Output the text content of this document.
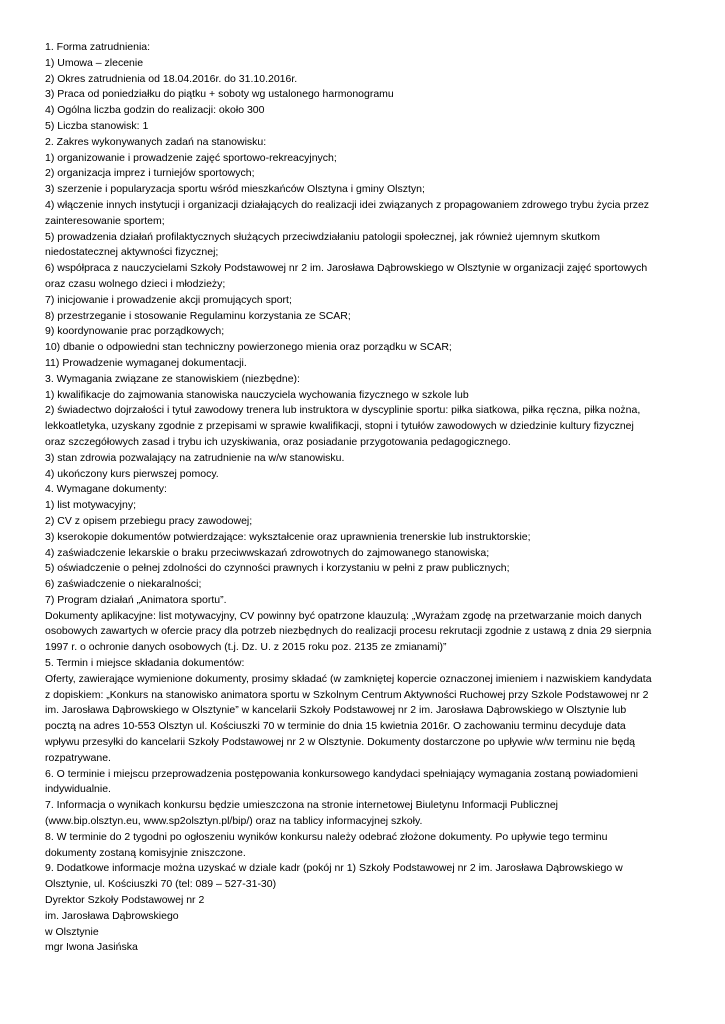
1. Forma zatrudnienia:
1) Umowa – zlecenie
2) Okres zatrudnienia od 18.04.2016r. do 31.10.2016r.
3) Praca od poniedziałku do piątku + soboty wg ustalonego harmonogramu
4) Ogólna liczba godzin do realizacji: około 300
5) Liczba stanowisk: 1
2. Zakres wykonywanych zadań na stanowisku:
1) organizowanie i prowadzenie zajęć sportowo-rekreacyjnych;
2) organizacja imprez i turniejów sportowych;
3) szerzenie i popularyzacja sportu wśród mieszkańców Olsztyna i gminy Olsztyn;
4) włączenie innych instytucji i organizacji działających do realizacji idei związanych z propagowaniem zdrowego trybu życia przez
zainteresowanie sportem;
5) prowadzenia działań profilaktycznych służących przeciwdziałaniu patologii społecznej, jak również ujemnym skutkom
niedostatecznej aktywności fizycznej;
6) współpraca z nauczycielami Szkoły Podstawowej nr 2 im. Jarosława Dąbrowskiego w Olsztynie w organizacji zajęć sportowych
oraz czasu wolnego dzieci i młodzieży;
7) inicjowanie i prowadzenie akcji promujących sport;
8) przestrzeganie i stosowanie Regulaminu korzystania ze SCAR;
9) koordynowanie prac porządkowych;
10) dbanie o odpowiedni stan techniczny powierzonego mienia oraz porządku w SCAR;
11) Prowadzenie wymaganej dokumentacji.
3. Wymagania związane ze stanowiskiem (niezbędne):
1) kwalifikacje do zajmowania stanowiska nauczyciela wychowania fizycznego w szkole lub
2) świadectwo dojrzałości i tytuł zawodowy trenera lub instruktora w dyscyplinie sportu: piłka siatkowa, piłka ręczna, piłka nożna,
lekkoatletyka, uzyskany zgodnie z przepisami w sprawie kwalifikacji, stopni i tytułów zawodowych w dziedzinie kultury fizycznej
oraz szczegółowych zasad i trybu ich uzyskiwania, oraz posiadanie przygotowania pedagogicznego.
3) stan zdrowia pozwalający na zatrudnienie na w/w stanowisku.
4) ukończony kurs pierwszej pomocy.
4. Wymagane dokumenty:
1) list motywacyjny;
2) CV z opisem przebiegu pracy zawodowej;
3) kserokopie dokumentów potwierdzające: wykształcenie oraz uprawnienia trenerskie lub instruktorskie;
4) zaświadczenie lekarskie o braku przeciwwskazań zdrowotnych do zajmowanego stanowiska;
5) oświadczenie o pełnej zdolności do czynności prawnych i korzystaniu w pełni z praw publicznych;
6) zaświadczenie o niekaralności;
7) Program działań „Animatora sportu”.
Dokumenty aplikacyjne: list motywacyjny, CV powinny być opatrzone klauzulą: „Wyrażam zgodę na przetwarzanie moich danych
osobowych zawartych w ofercie pracy dla potrzeb niezbędnych do realizacji procesu rekrutacji zgodnie z ustawą z dnia 29 sierpnia
1997 r. o ochronie danych osobowych (t.j. Dz. U. z 2015 roku poz. 2135 ze zmianami)”
5. Termin i miejsce składania dokumentów:
Oferty, zawierające wymienione dokumenty, prosimy składać (w zamkniętej kopercie oznaczonej imieniem i nazwiskiem kandydata
z dopiskiem: „Konkurs na stanowisko animatora sportu w Szkolnym Centrum Aktywności Ruchowej przy Szkole Podstawowej nr 2
im. Jarosława Dąbrowskiego w Olsztynie” w kancelarii Szkoły Podstawowej nr 2 im. Jarosława Dąbrowskiego w Olsztynie lub
pocztą na adres 10-553 Olsztyn ul. Kościuszki 70 w terminie do dnia 15 kwietnia 2016r. O zachowaniu terminu decyduje data
wpływu przesyłki do kancelarii Szkoły Podstawowej nr 2 w Olsztynie. Dokumenty dostarczone po upływie w/w terminu nie będą
rozpatrywane.
6. O terminie i miejscu przeprowadzenia postępowania konkursowego kandydaci spełniający wymagania zostaną powiadomieni
indywidualnie.
7. Informacja o wynikach konkursu będzie umieszczona na stronie internetowej Biuletynu Informacji Publicznej
(www.bip.olsztyn.eu, www.sp2olsztyn.pl/bip/) oraz na tablicy informacyjnej szkoły.
8. W terminie do 2 tygodni po ogłoszeniu wyników konkursu należy odebrać złożone dokumenty. Po upływie tego terminu
dokumenty zostaną komisyjnie zniszczone.
9. Dodatkowe informacje można uzyskać w dziale kadr (pokój nr 1) Szkoły Podstawowej nr 2 im. Jarosława Dąbrowskiego w
Olsztynie, ul. Kościuszki 70 (tel: 089 – 527-31-30)
Dyrektor Szkoły Podstawowej nr 2
im. Jarosława Dąbrowskiego
w Olsztynie
mgr Iwona Jasińska
